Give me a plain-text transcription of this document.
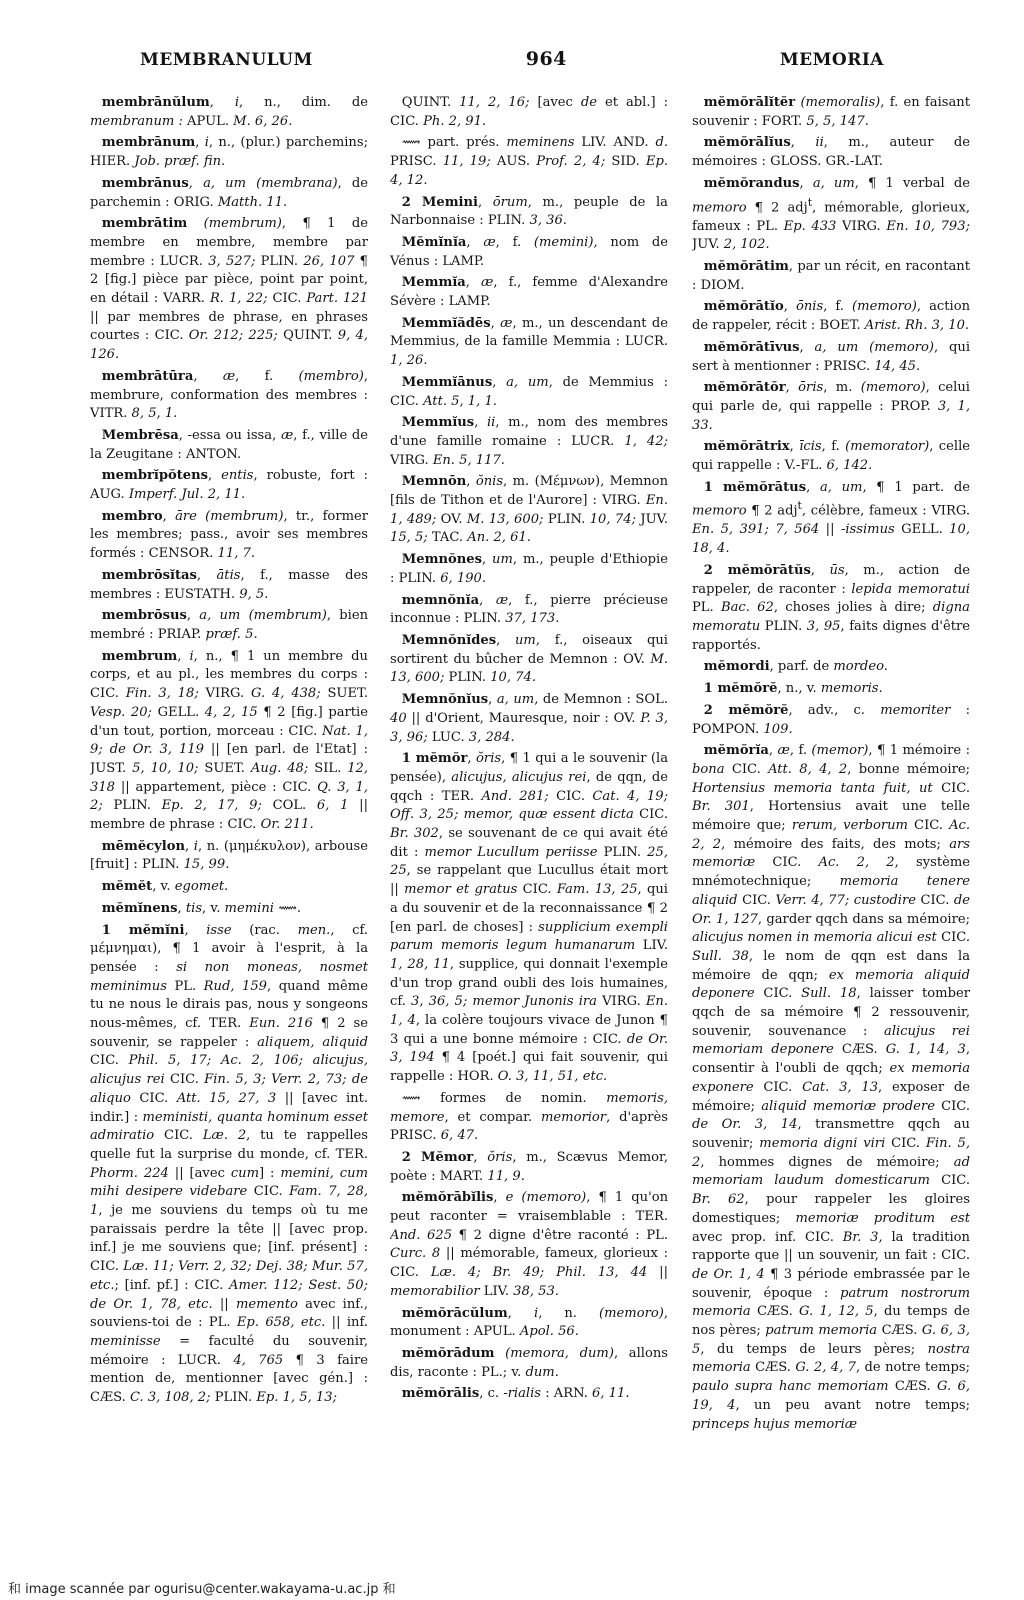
MEMBRANULUM	964	MEMORIA

membrānŭlum, i, n., dim. de membranum : APUL. M. 6, 26.

membrānum, i, n., (plur.) parchemins; HIER. Job. præf. fin.

membrānus, a, um (membrana), de parchemin : ORIG. Matth. 11.

membrātim (membrum), ¶ 1 de membre en membre, membre par membre : LUCR. 3, 527; PLIN. 26, 107 ¶ 2 [fig.] pièce par pièce, point par point, en détail : VARR. R. 1, 22; CIC. Part. 121 || par membres de phrase, en phrases courtes : CIC. Or. 212; 225; QUINT. 9, 4, 126.

membrātūra, æ, f. (membro), membrure, conformation des membres : VITR. 8, 5, 1.

Membrēsa, -essa ou issa, æ, f., ville de la Zeugitane : ANTON.

membrĭpŏtens, entis, robuste, fort : AUG. Imperf. Jul. 2, 11.

membro, āre (membrum), tr., former les membres; pass., avoir ses membres formés : CENSOR. 11, 7.

membrōsĭtas, ātis, f., masse des membres : EUSTATH. 9, 5.

membrōsus, a, um (membrum), bien membré : PRIAP. præf. 5.

membrum, i, n., ¶ 1 un membre du corps, et au pl., les membres du corps : CIC. Fin. 3, 18; VIRG. G. 4, 438; SUET. Vesp. 20; GELL. 4, 2, 15 ¶ 2 [fig.] partie d'un tout, portion, morceau : CIC. Nat. 1, 9; de Or. 3, 119 || [en parl. de l'Etat] : JUST. 5, 10, 10; SUET. Aug. 48; SIL. 12, 318 || appartement, pièce : CIC. Q. 3, 1, 2; PLIN. Ep. 2, 17, 9; COL. 6, 1 || membre de phrase : CIC. Or. 211.

mēmĕcylon, i, n. (μημέκυλον), arbouse [fruit] : PLIN. 15, 99.

mĕmĕt, v. egomet.

mĕmĭnens, tis, v. memini ⟿.

1 mĕmĭni, isse (rac. men., cf. μέμνημαι), ¶ 1 avoir à l'esprit, à la pensée : si non moneas, nosmet meminimus PL. Rud, 159, quand même tu ne nous le dirais pas, nous y songeons nous-mêmes, cf. TER. Eun. 216 ¶ 2 se souvenir, se rappeler : aliquem, aliquid CIC. Phil. 5, 17; Ac. 2, 106; alicujus, alicujus rei CIC. Fin. 5, 3; Verr. 2, 73; de aliquo CIC. Att. 15, 27, 3 || [avec int. indir.] : meministi, quanta hominum esset admiratio CIC. Læ. 2, tu te rappelles quelle fut la surprise du monde, cf. TER. Phorm. 224 || [avec cum] : memini, cum mihi desipere videbare CIC. Fam. 7, 28, 1, je me souviens du temps où tu me paraissais perdre la tête || [avec prop. inf.] je me souviens que; [inf. présent] : CIC. Læ. 11; Verr. 2, 32; Dej. 38; Mur. 57, etc.; [inf. pf.] : CIC. Amer. 112; Sest. 50; de Or. 1, 78, etc. || memento avec inf., souviens-toi de : PL. Ep. 658, etc. || inf. meminisse = faculté du souvenir, mémoire : LUCR. 4, 765 ¶ 3 faire mention de, mentionner [avec gén.] : CÆS. C. 3, 108, 2; PLIN. Ep. 1, 5, 13;

QUINT. 11, 2, 16; [avec de et abl.] : CIC. Ph. 2, 91.

⟿ part. prés. meminens LIV. AND. d. PRISC. 11, 19; AUS. Prof. 2, 4; SID. Ep. 4, 12.

2 Memini, ōrum, m., peuple de la Narbonnaise : PLIN. 3, 36.

Mĕmĭnĭa, æ, f. (memini), nom de Vénus : LAMP.

Memmĭa, æ, f., femme d'Alexandre Sévère : LAMP.

Memmĭădēs, æ, m., un descendant de Memmius, de la famille Memmia : LUCR. 1, 26.

Memmĭānus, a, um, de Memmius : CIC. Att. 5, 1, 1.

Memmĭus, ii, m., nom des membres d'une famille romaine : LUCR. 1, 42; VIRG. En. 5, 117.

Memnōn, ŏnis, m. (Μέμνων), Memnon [fils de Tithon et de l'Aurore] : VIRG. En. 1, 489; OV. M. 13, 600; PLIN. 10, 74; JUV. 15, 5; TAC. An. 2, 61.

Memnŏnes, um, m., peuple d'Ethiopie : PLIN. 6, 190.

memnŏnĭa, æ, f., pierre précieuse inconnue : PLIN. 37, 173.

Memnŏnĭdes, um, f., oiseaux qui sortirent du bûcher de Memnon : OV. M. 13, 600; PLIN. 10, 74.

Memnŏnĭus, a, um, de Memnon : SOL. 40 || d'Orient, Mauresque, noir : OV. P. 3, 3, 96; LUC. 3, 284.

1 mĕmŏr, ŏris, ¶ 1 qui a le souvenir (la pensée), alicujus, alicujus rei, de qqn, de qqch : TER. And. 281; CIC. Cat. 4, 19; Off. 3, 25; memor, quæ essent dicta CIC. Br. 302, se souvenant de ce qui avait été dit : memor Lucullum periisse PLIN. 25, 25, se rappelant que Lucullus était mort || memor et gratus CIC. Fam. 13, 25, qui a du souvenir et de la reconnaissance ¶ 2 [en parl. de choses] : supplicium exempli parum memoris legum humanarum LIV. 1, 28, 11, supplice, qui donnait l'exemple d'un trop grand oubli des lois humaines, cf. 3, 36, 5; memor Junonis ira VIRG. En. 1, 4, la colère toujours vivace de Junon ¶ 3 qui a une bonne mémoire : CIC. de Or. 3, 194 ¶ 4 [poét.] qui fait souvenir, qui rappelle : HOR. O. 3, 11, 51, etc.

⟿ formes de nomin. memoris, memore, et compar. memorior, d'après PRISC. 6, 47.

2 Mĕmor, ŏris, m., Scævus Memor, poète : MART. 11, 9.

mĕmŏrābĭlis, e (memoro), ¶ 1 qu'on peut raconter = vraisemblable : TER. And. 625 ¶ 2 digne d'être raconté : PL. Curc. 8 || mémorable, fameux, glorieux : CIC. Læ. 4; Br. 49; Phil. 13, 44 || memorabilior LIV. 38, 53.

mĕmŏrācŭlum, i, n. (memoro), monument : APUL. Apol. 56.

mĕmŏrādum (memora, dum), allons dis, raconte : PL.; v. dum.

mĕmŏrālis, c. -rialis : ARN. 6, 11.

mĕmŏrālĭtĕr (memoralis), f. en faisant souvenir : FORT. 5, 5, 147.

mĕmŏrālĭus, ii, m., auteur de mémoires : GLOSS. GR.-LAT.

mĕmŏrandus, a, um, ¶ 1 verbal de memoro ¶ 2 adj$^t$, mémorable, glorieux, fameux : PL. Ep. 433 VIRG. En. 10, 793; JUV. 2, 102.

mĕmŏrātim, par un récit, en racontant : DIOM.

mĕmŏrātĭo, ōnis, f. (memoro), action de rappeler, récit : BOET. Arist. Rh. 3, 10.

mĕmŏrātīvus, a, um (memoro), qui sert à mentionner : PRISC. 14, 45.

mĕmŏrātŏr, ōris, m. (memoro), celui qui parle de, qui rappelle : PROP. 3, 1, 33.

mĕmŏrātrix, īcis, f. (memorator), celle qui rappelle : V.-FL. 6, 142.

1 mĕmŏrātus, a, um, ¶ 1 part. de memoro ¶ 2 adj$^t$, célèbre, fameux : VIRG. En. 5, 391; 7, 564 || -issimus GELL. 10, 18, 4.

2 mĕmŏrātŭs, ūs, m., action de rappeler, de raconter : lepida memoratui PL. Bac. 62, choses jolies à dire; digna memoratu PLIN. 3, 95, faits dignes d'être rapportés.

mĕmordi, parf. de mordeo.

1 mĕmŏrĕ, n., v. memoris.

2 mĕmŏrĕ, adv., c. memoriter : POMPON. 109.

mĕmŏrĭa, æ, f. (memor), ¶ 1 mémoire : bona CIC. Att. 8, 4, 2, bonne mémoire; Hortensius memoria tanta fuit, ut CIC. Br. 301, Hortensius avait une telle mémoire que; rerum, verborum CIC. Ac. 2, 2, mémoire des faits, des mots; ars memoriæ CIC. Ac. 2, 2, système mnémotechnique; memoria tenere aliquid CIC. Verr. 4, 77; custodire CIC. de Or. 1, 127, garder qqch dans sa mémoire; alicujus nomen in memoria alicui est CIC. Sull. 38, le nom de qqn est dans la mémoire de qqn; ex memoria aliquid deponere CIC. Sull. 18, laisser tomber qqch de sa mémoire ¶ 2 ressouvenir, souvenir, souvenance : alicujus rei memoriam deponere CÆS. G. 1, 14, 3, consentir à l'oubli de qqch; ex memoria exponere CIC. Cat. 3, 13, exposer de mémoire; aliquid memoriæ prodere CIC. de Or. 3, 14, transmettre qqch au souvenir; memoria digni viri CIC. Fin. 5, 2, hommes dignes de mémoire; ad memoriam laudum domesticarum CIC. Br. 62, pour rappeler les gloires domestiques; memoriæ proditum est avec prop. inf. CIC. Br. 3, la tradition rapporte que || un souvenir, un fait : CIC. de Or. 1, 4 ¶ 3 période embrassée par le souvenir, époque : patrum nostrorum memoria CÆS. G. 1, 12, 5, du temps de nos pères; patrum memoria CÆS. G. 6, 3, 5, du temps de leurs pères; nostra memoria CÆS. G. 2, 4, 7, de notre temps; paulo supra hanc memoriam CÆS. G. 6, 19, 4, un peu avant notre temps; princeps hujus memoriæ

和 image scannée par ogurisu@center.wakayama-u.ac.jp 和
